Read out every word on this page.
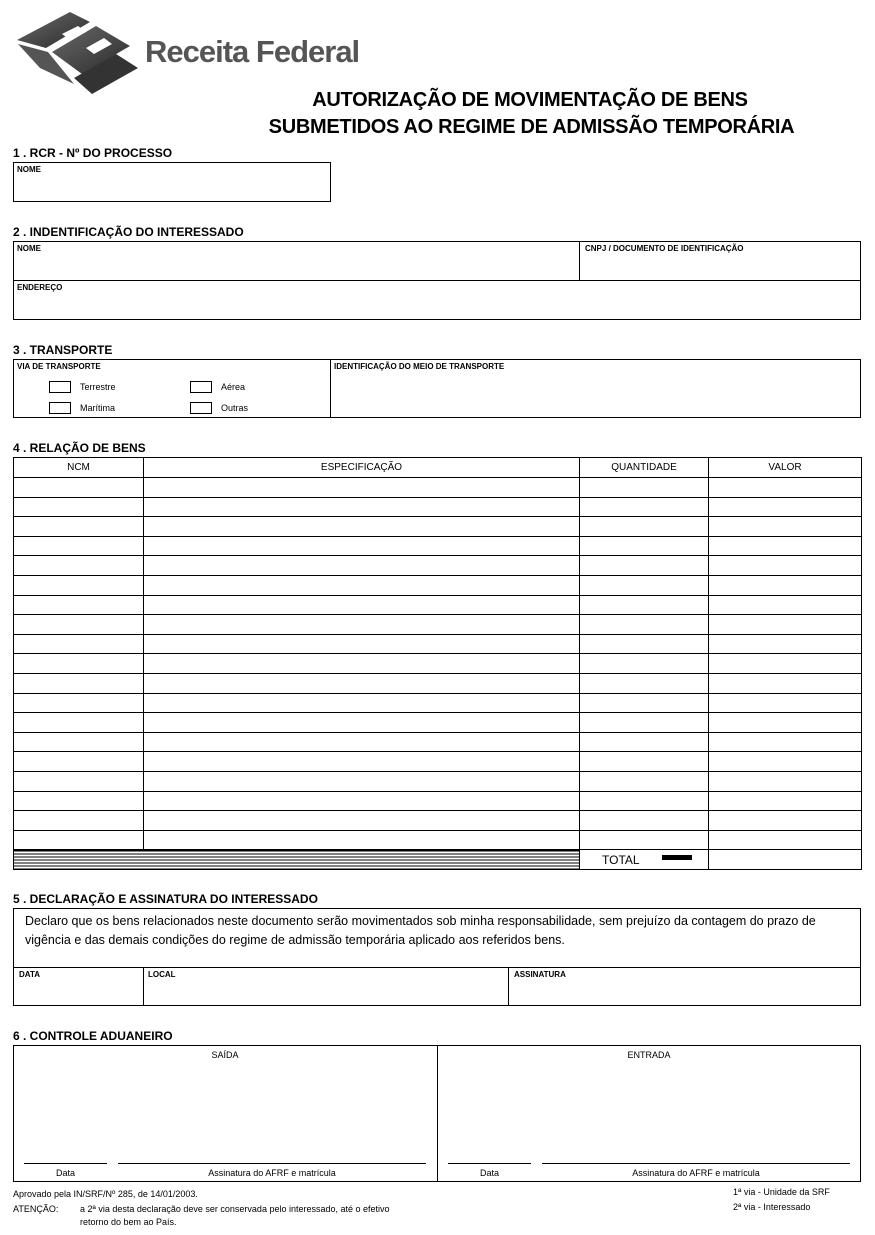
Receita Federal
AUTORIZAÇÃO DE MOVIMENTAÇÃO DE BENS
SUBMETIDOS AO REGIME DE ADMISSÃO TEMPORÁRIA
1 . RCR - Nº DO PROCESSO
NOME
2 . INDENTIFICAÇÃO DO INTERESSADO
NOME	CNPJ / DOCUMENTO DE IDENTIFICAÇÃO
ENDEREÇO
3 . TRANSPORTE
VIA DE TRANSPORTE	IDENTIFICAÇÃO DO MEIO DE TRANSPORTE
Terrestre	Aérea
Marítima	Outras
4 . RELAÇÃO DE BENS
NCM	ESPECIFICAÇÃO	QUANTIDADE	VALOR

		TOTAL	

5 . DECLARAÇÃO E ASSINATURA DO INTERESSADO
Declaro que os bens relacionados neste documento serão movimentados sob minha responsabilidade, sem prejuízo da contagem do prazo de vigência e das demais condições do regime de admissão temporária aplicado aos referidos bens.
DATA	LOCAL	ASSINATURA
6 . CONTROLE ADUANEIRO
SAÍDA	ENTRADA
Data	Assinatura do AFRF e matrícula	Data	Assinatura do AFRF e matrícula
Aprovado pela IN/SRF/Nº 285, de 14/01/2003.
ATENÇÃO: a 2ª via desta declaração deve ser conservada pelo interessado, até o efetivo
retorno do bem ao País.
1ª via - Unidade da SRF
2ª via - Interessado
